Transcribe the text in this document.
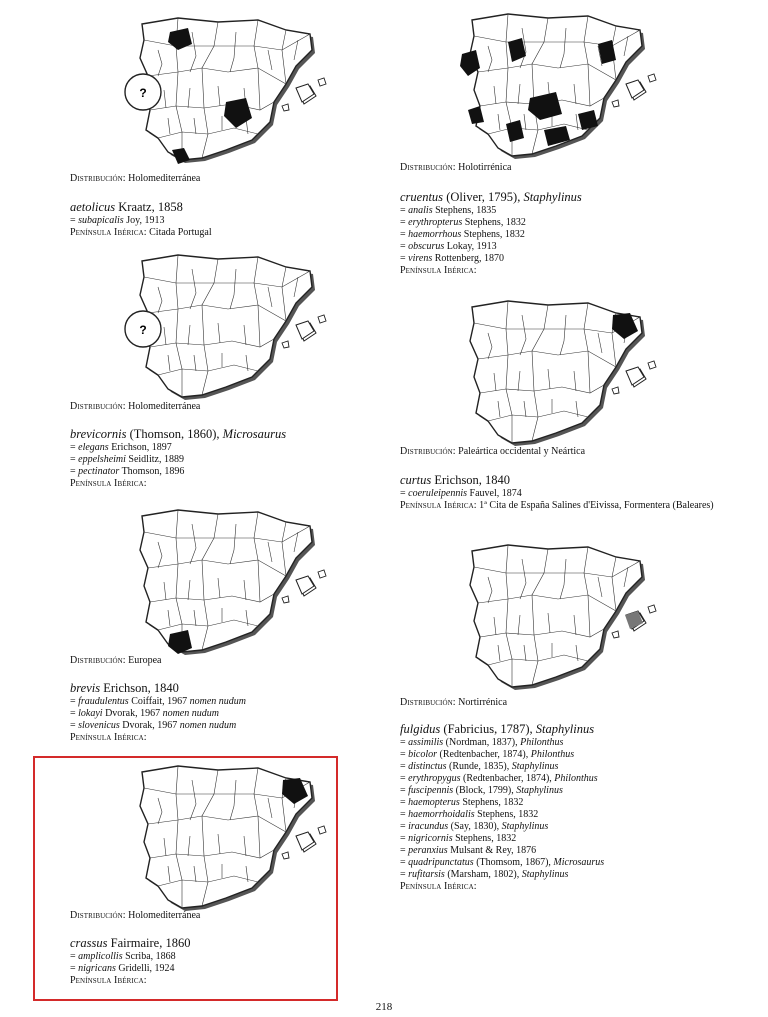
?
Distribución: Holomediterránea
aetolicus Kraatz, 1858
= subapicalis Joy, 1913
Península Ibérica: Citada Portugal
?
Distribución: Holomediterránea
brevicornis (Thomson, 1860), Microsaurus
= elegans Erichson, 1897
= eppelsheimi Seidlitz, 1889
= pectinator Thomson, 1896
Península Ibérica:
Distribución: Europea
brevis Erichson, 1840
= fraudulentus Coiffait, 1967 nomen nudum
= lokayi Dvorak, 1967 nomen nudum
= slovenicus Dvorak, 1967 nomen nudum
Península Ibérica:
Distribución: Holomediterránea
crassus Fairmaire, 1860
= amplicollis Scriba, 1868
= nigricans Gridelli, 1924
Península Ibérica:
Distribución: Holotirrénica
cruentus (Oliver, 1795), Staphylinus
= analis Stephens, 1835
= erythropterus Stephens, 1832
= haemorrhous Stephens, 1832
= obscurus Lokay, 1913
= virens Rottenberg, 1870
Península Ibérica:
Distribución: Paleártica occidental y Neártica
curtus Erichson, 1840
= coeruleipennis Fauvel, 1874
Península Ibérica: 1ª Cita de España Salines d'Eivissa, Formentera (Baleares)
Distribución: Nortirrénica
fulgidus (Fabricius, 1787), Staphylinus
= assimilis (Nordman, 1837), Philonthus
= bicolor (Redtenbacher, 1874), Philonthus
= distinctus (Runde, 1835), Staphylinus
= erythropygus (Redtenbacher, 1874), Philonthus
= fuscipennis (Block, 1799), Staphylinus
= haemopterus Stephens, 1832
= haemorrhoidalis Stephens, 1832
= iracundus (Say, 1830), Staphylinus
= nigricornis Stephens, 1832
= peranxius Mulsant & Rey, 1876
= quadripunctatus (Thomsom, 1867), Microsaurus
= rufitarsis (Marsham, 1802), Staphylinus
Península Ibérica:
218
